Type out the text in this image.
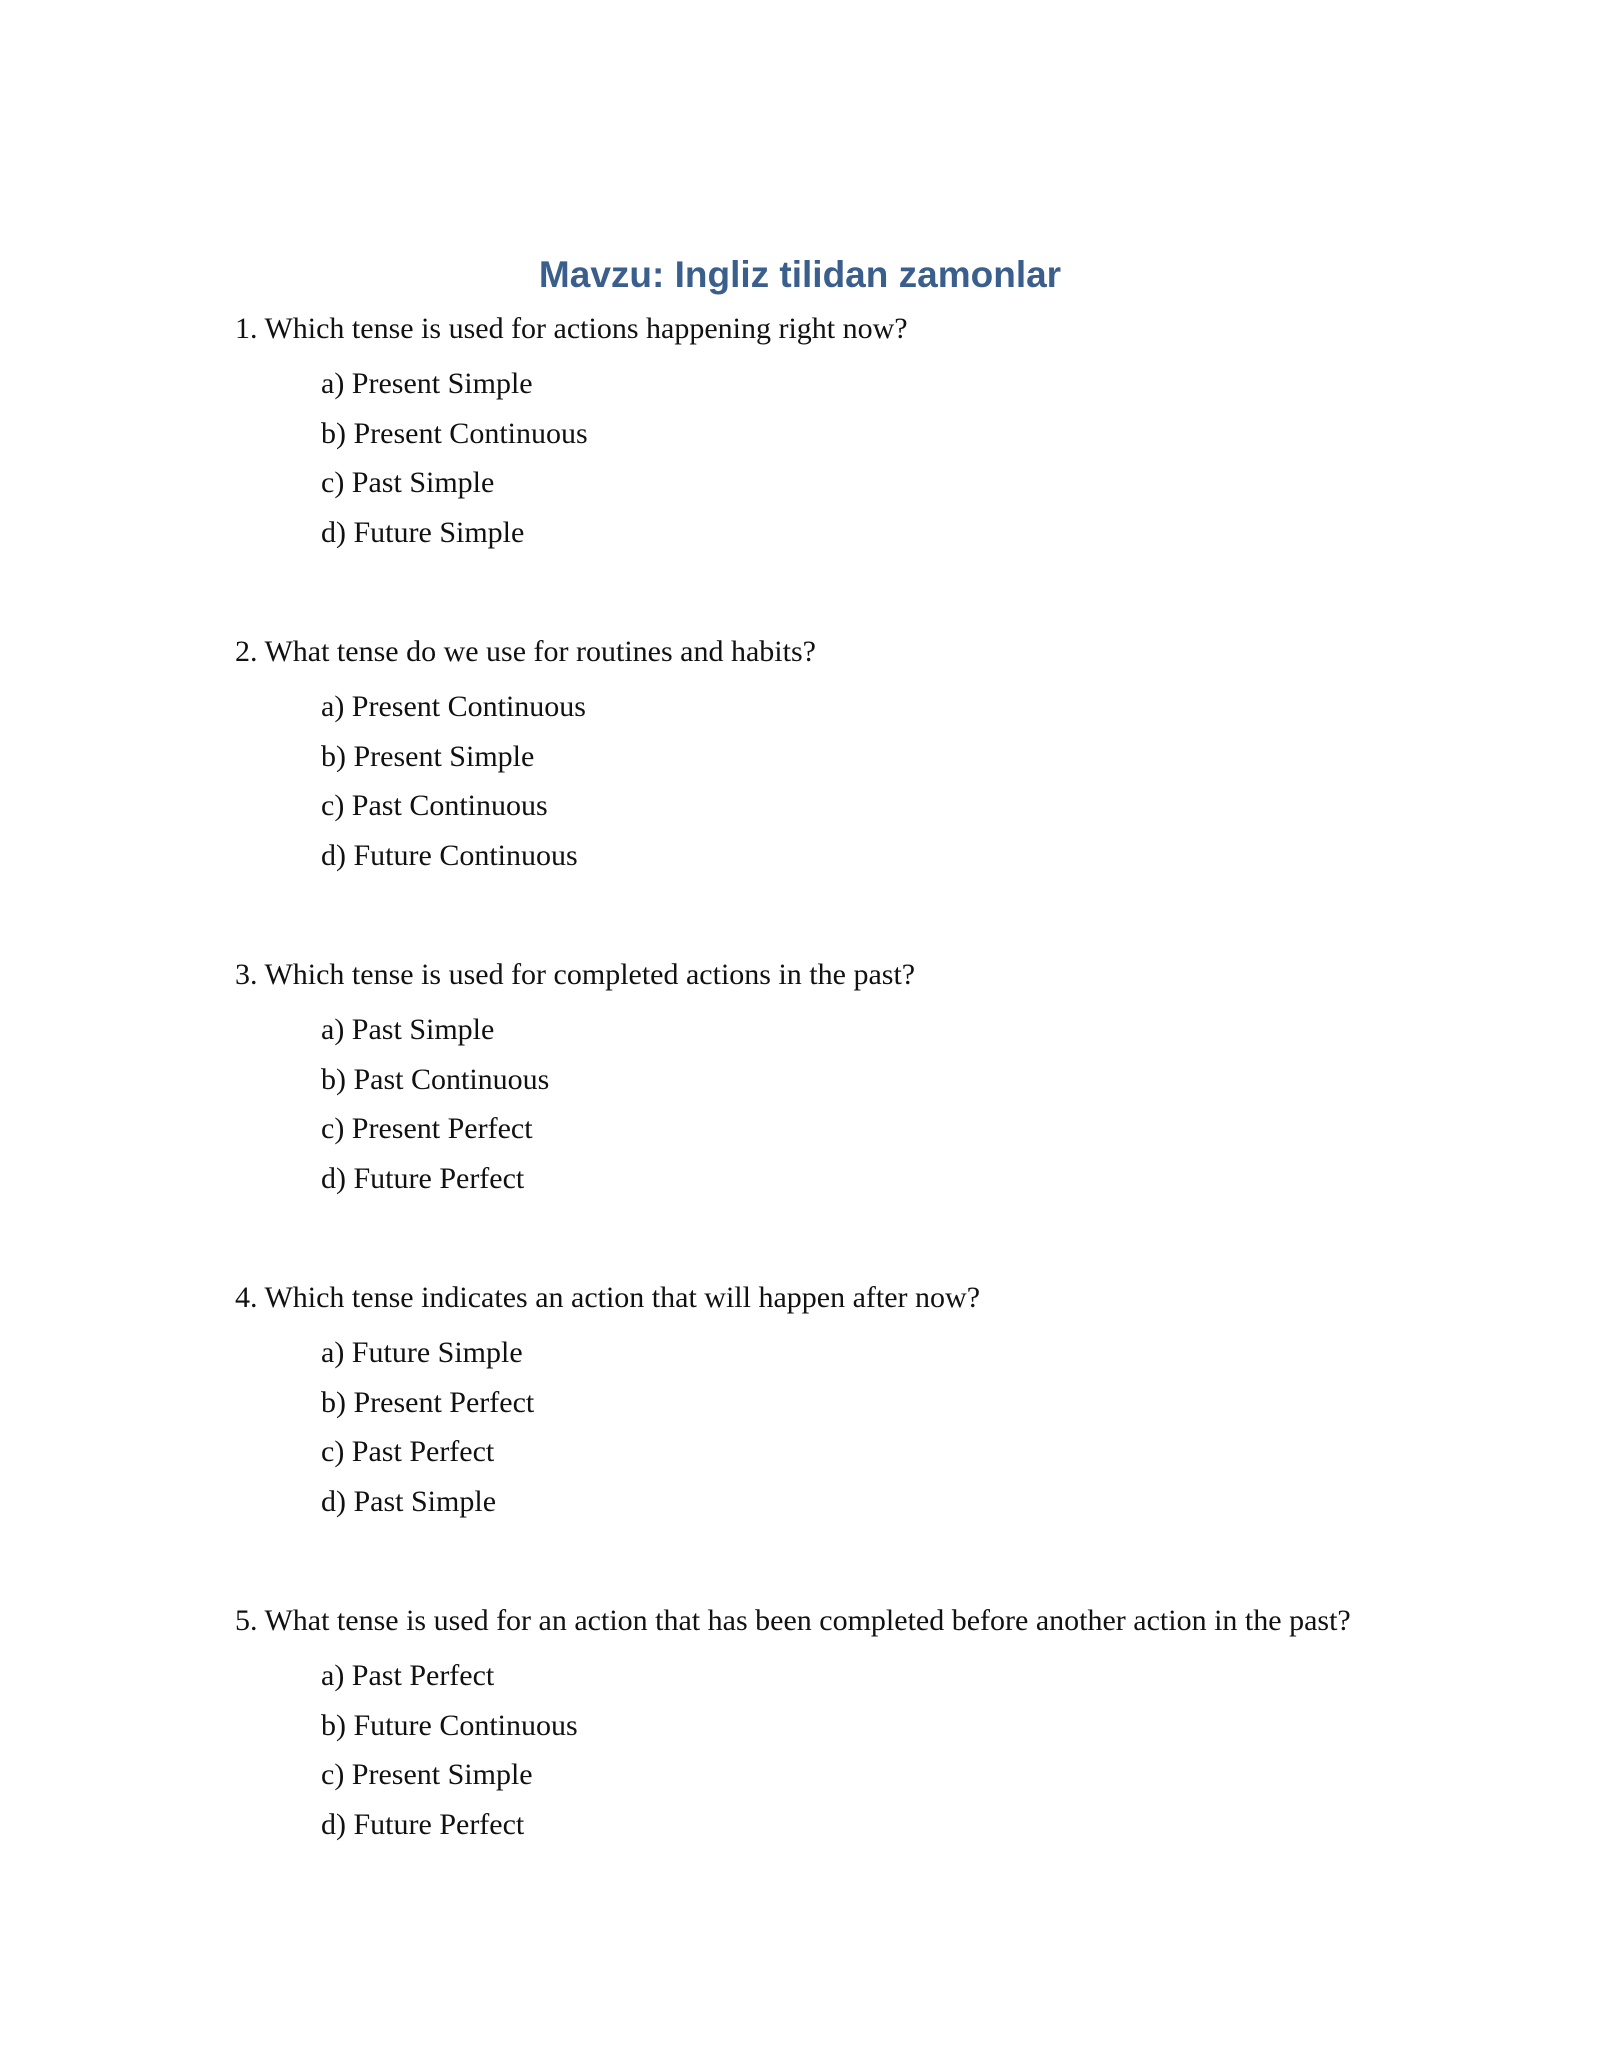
Mavzu: Ingliz tilidan zamonlar

1. Which tense is used for actions happening right now?

a) Present Simple
b) Present Continuous
c) Past Simple
d) Future Simple

2. What tense do we use for routines and habits?

a) Present Continuous
b) Present Simple
c) Past Continuous
d) Future Continuous

3. Which tense is used for completed actions in the past?

a) Past Simple
b) Past Continuous
c) Present Perfect
d) Future Perfect

4. Which tense indicates an action that will happen after now?

a) Future Simple
b) Present Perfect
c) Past Perfect
d) Past Simple

5. What tense is used for an action that has been completed before another action in the past?

a) Past Perfect
b) Future Continuous
c) Present Simple
d) Future Perfect
